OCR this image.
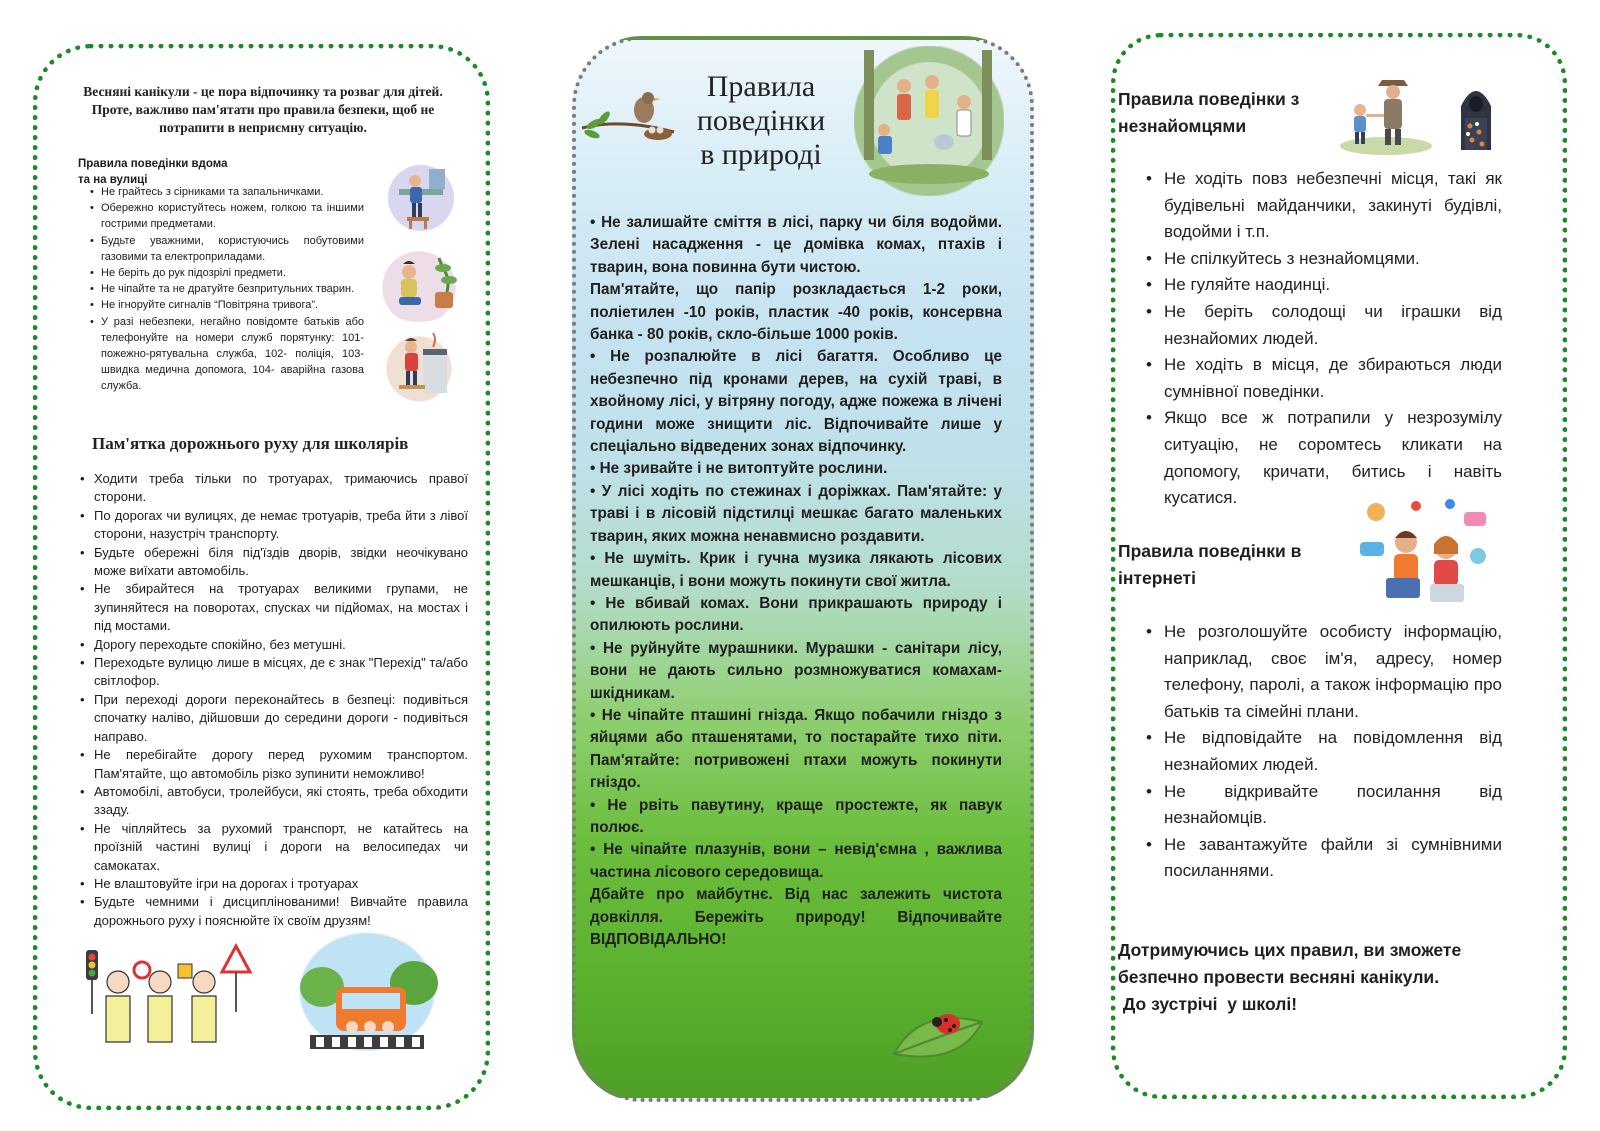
Весняні канікули - це пора відпочинку та розваг для дітей. Проте, важливо пам'ятати про правила безпеки, щоб не потрапити в неприємну ситуацію.
Правила поведінки вдома
та на вулиці
• Не грайтесь з сірниками та запальничками.
• Обережно користуйтесь ножем, голкою та іншими гострими предметами.
• Будьте уважними, користуючись побутовими газовими та електроприладами.
• Не беріть до рук підозрілі предмети.
• Не чіпайте та не дратуйте безпритульних тварин.
• Не ігноруйте сигналів “Повітряна тривога”.
• У разі небезпеки, негайно повідомте батьків або телефонуйте на номери служб порятунку: 101- пожежно-рятувальна служба, 102- поліція, 103- швидка медична допомога, 104- аварійна газова служба.
Пам'ятка дорожнього руху для школярів
• Ходити треба тільки по тротуарах, тримаючись правої сторони.
• По дорогах чи вулицях, де немає тротуарів, треба йти з лівої сторони, назустріч транспорту.
• Будьте обережні біля під'їздів дворів, звідки неочікувано може виїхати автомобіль.
• Не збирайтеся на тротуарах великими групами, не зупиняйтеся на поворотах, спусках чи підйомах, на мостах і під мостами.
• Дорогу переходьте спокійно, без метушні.
• Переходьте вулицю лише в місцях, де є знак "Перехід" та/або світлофор.
• При переході дороги переконайтесь в безпеці: подивіться спочатку наліво, дійшовши до середини дороги - подивіться направо.
• Не перебігайте дорогу перед рухомим транспортом. Пам'ятайте, що автомобіль різко зупинити неможливо!
• Автомобілі, автобуси, тролейбуси, які стоять, треба обходити ззаду.
• Не чіпляйтесь за рухомий транспорт, не катайтесь на проїзній частині вулиці і дороги на велосипедах чи самокатах.
• Не влаштовуйте ігри на дорогах і тротуарах
• Будьте чемними і дисциплінованими! Вивчайте правила дорожнього руху і пояснюйте їх своїм друзям!
Правила
поведінки
в природі

• Не залишайте сміття в лісі, парку чи біля водойми. Зелені насадження - це домівка комах, птахів і тварин, вона повинна бути чистою.

Пам'ятайте, що папір розкладається 1-2 роки, поліетилен -10 років, пластик -40 років, консервна банка - 80 років, скло-більше 1000 років.

• Не розпалюйте в лісі багаття. Особливо це небезпечно під кронами дерев, на сухій траві, в хвойному лісі, у вітряну погоду, адже пожежа в лічені години може знищити ліс. Відпочивайте лише у спеціально відведених зонах відпочинку.

• Не зривайте і не витоптуйте рослини.

• У лісі ходіть по стежинах і доріжках. Пам'ятайте: у траві і в лісовій підстилці мешкає багато маленьких тварин, яких можна ненавмисно роздавити.

• Не шуміть. Крик і гучна музика лякають лісових мешканців, і вони можуть покинути свої житла.

• Не вбивай комах. Вони прикрашають природу і опилюють рослини.

• Не руйнуйте мурашники. Мурашки - санітари лісу, вони не дають сильно розмножуватися комахам-шкідникам.

• Не чіпайте пташині гнізда. Якщо побачили гніздо з яйцями або пташенятами, то постарайте тихо піти. Пам'ятайте: потривожені птахи можуть покинути гніздо.

• Не рвіть павутину, краще простежте, як павук полює.

• Не чіпайте плазунів, вони – невід'ємна , важлива частина лісового середовища.

Дбайте про майбутнє. Від нас залежить чистота довкілля. Бережіть природу! Відпочивайте ВІДПОВІДАЛЬНО!

Правила поведінки з незнайомцями
• Не ходіть повз небезпечні місця, такі як будівельні майданчики, закинуті будівлі, водойми і т.п.
• Не спілкуйтесь з незнайомцями.
• Не гуляйте наодинці.
• Не беріть солодощі чи іграшки від незнайомих людей.
• Не ходіть в місця, де збираються люди сумнівної поведінки.
• Якщо все ж потрапили у незрозумілу ситуацію, не соромтесь кликати на допомогу, кричати, битись і навіть кусатися.
Правила поведінки в інтернеті
• Не розголошуйте особисту інформацію, наприклад, своє ім'я, адресу, номер телефону, паролі, а також інформацію про батьків та сімейні плани.
• Не відповідайте на повідомлення від незнайомих людей.
• Не відкривайте посилання від незнайомців.
• Не завантажуйте файли зі сумнівними посиланнями.
Дотримуючись цих правил, ви зможете
безпечно провести весняні канікули.
До зустрічі  у школі!
